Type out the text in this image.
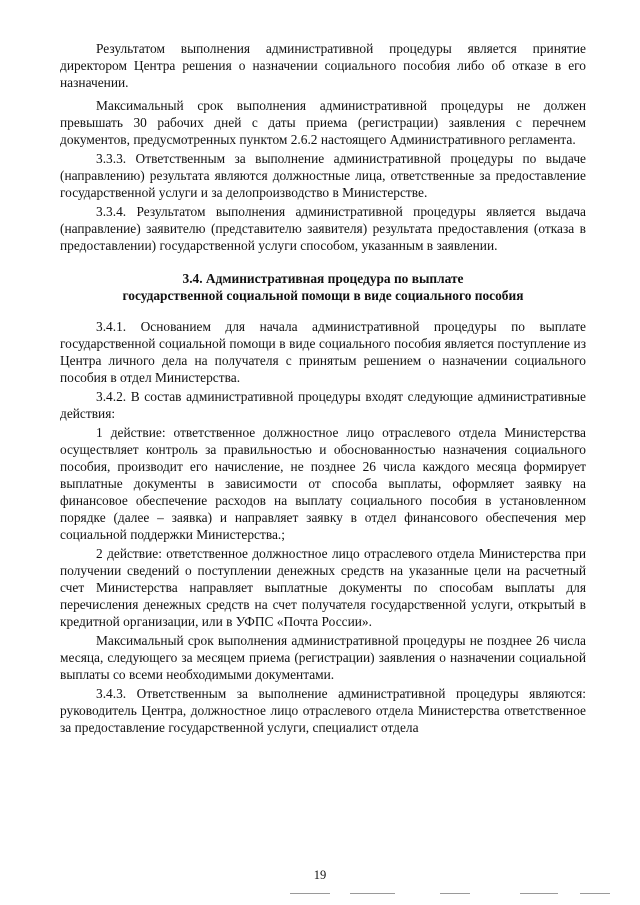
Результатом выполнения административной процедуры является принятие директором Центра решения о назначении социального пособия либо об отказе в его назначении.

Максимальный срок выполнения административной процедуры не должен превышать 30 рабочих дней с даты приема (регистрации) заявления с перечнем документов, предусмотренных пунктом 2.6.2 настоящего Административного регламента.

3.3.3. Ответственным за выполнение административной процедуры по выдаче (направлению) результата являются должностные лица, ответственные за предоставление государственной услуги и за делопроизводство в Министерстве.

3.3.4. Результатом выполнения административной процедуры является выдача (направление) заявителю (представителю заявителя) результата предоставления (отказа в предоставлении) государственной услуги способом, указанным в заявлении.

3.4. Административная процедура по выплате
государственной социальной помощи в виде социального пособия

3.4.1. Основанием для начала административной процедуры по выплате государственной социальной помощи в виде социального пособия является поступление из Центра личного дела на получателя с принятым решением о назначении социального пособия в отдел Министерства.

3.4.2. В состав административной процедуры входят следующие административные действия:

1 действие: ответственное должностное лицо отраслевого отдела Министерства осуществляет контроль за правильностью и обоснованностью назначения социального пособия, производит его начисление, не позднее 26 числа каждого месяца формирует выплатные документы в зависимости от способа выплаты, оформляет заявку на финансовое обеспечение расходов на выплату социального пособия в установленном порядке (далее – заявка) и направляет заявку в отдел финансового обеспечения мер социальной поддержки Министерства.;

2 действие: ответственное должностное лицо отраслевого отдела Министерства при получении сведений о поступлении денежных средств на указанные цели на расчетный счет Министерства направляет выплатные документы по способам выплаты для перечисления денежных средств на счет получателя государственной услуги, открытый в кредитной организации, или в УФПС «Почта России».

Максимальный срок выполнения административной процедуры не позднее 26 числа месяца, следующего за месяцем приема (регистрации) заявления о назначении социальной выплаты со всеми необходимыми документами.

3.4.3. Ответственным за выполнение административной процедуры являются: руководитель Центра, должностное лицо отраслевого отдела Министерства ответственное за предоставление государственной услуги, специалист отдела

19
